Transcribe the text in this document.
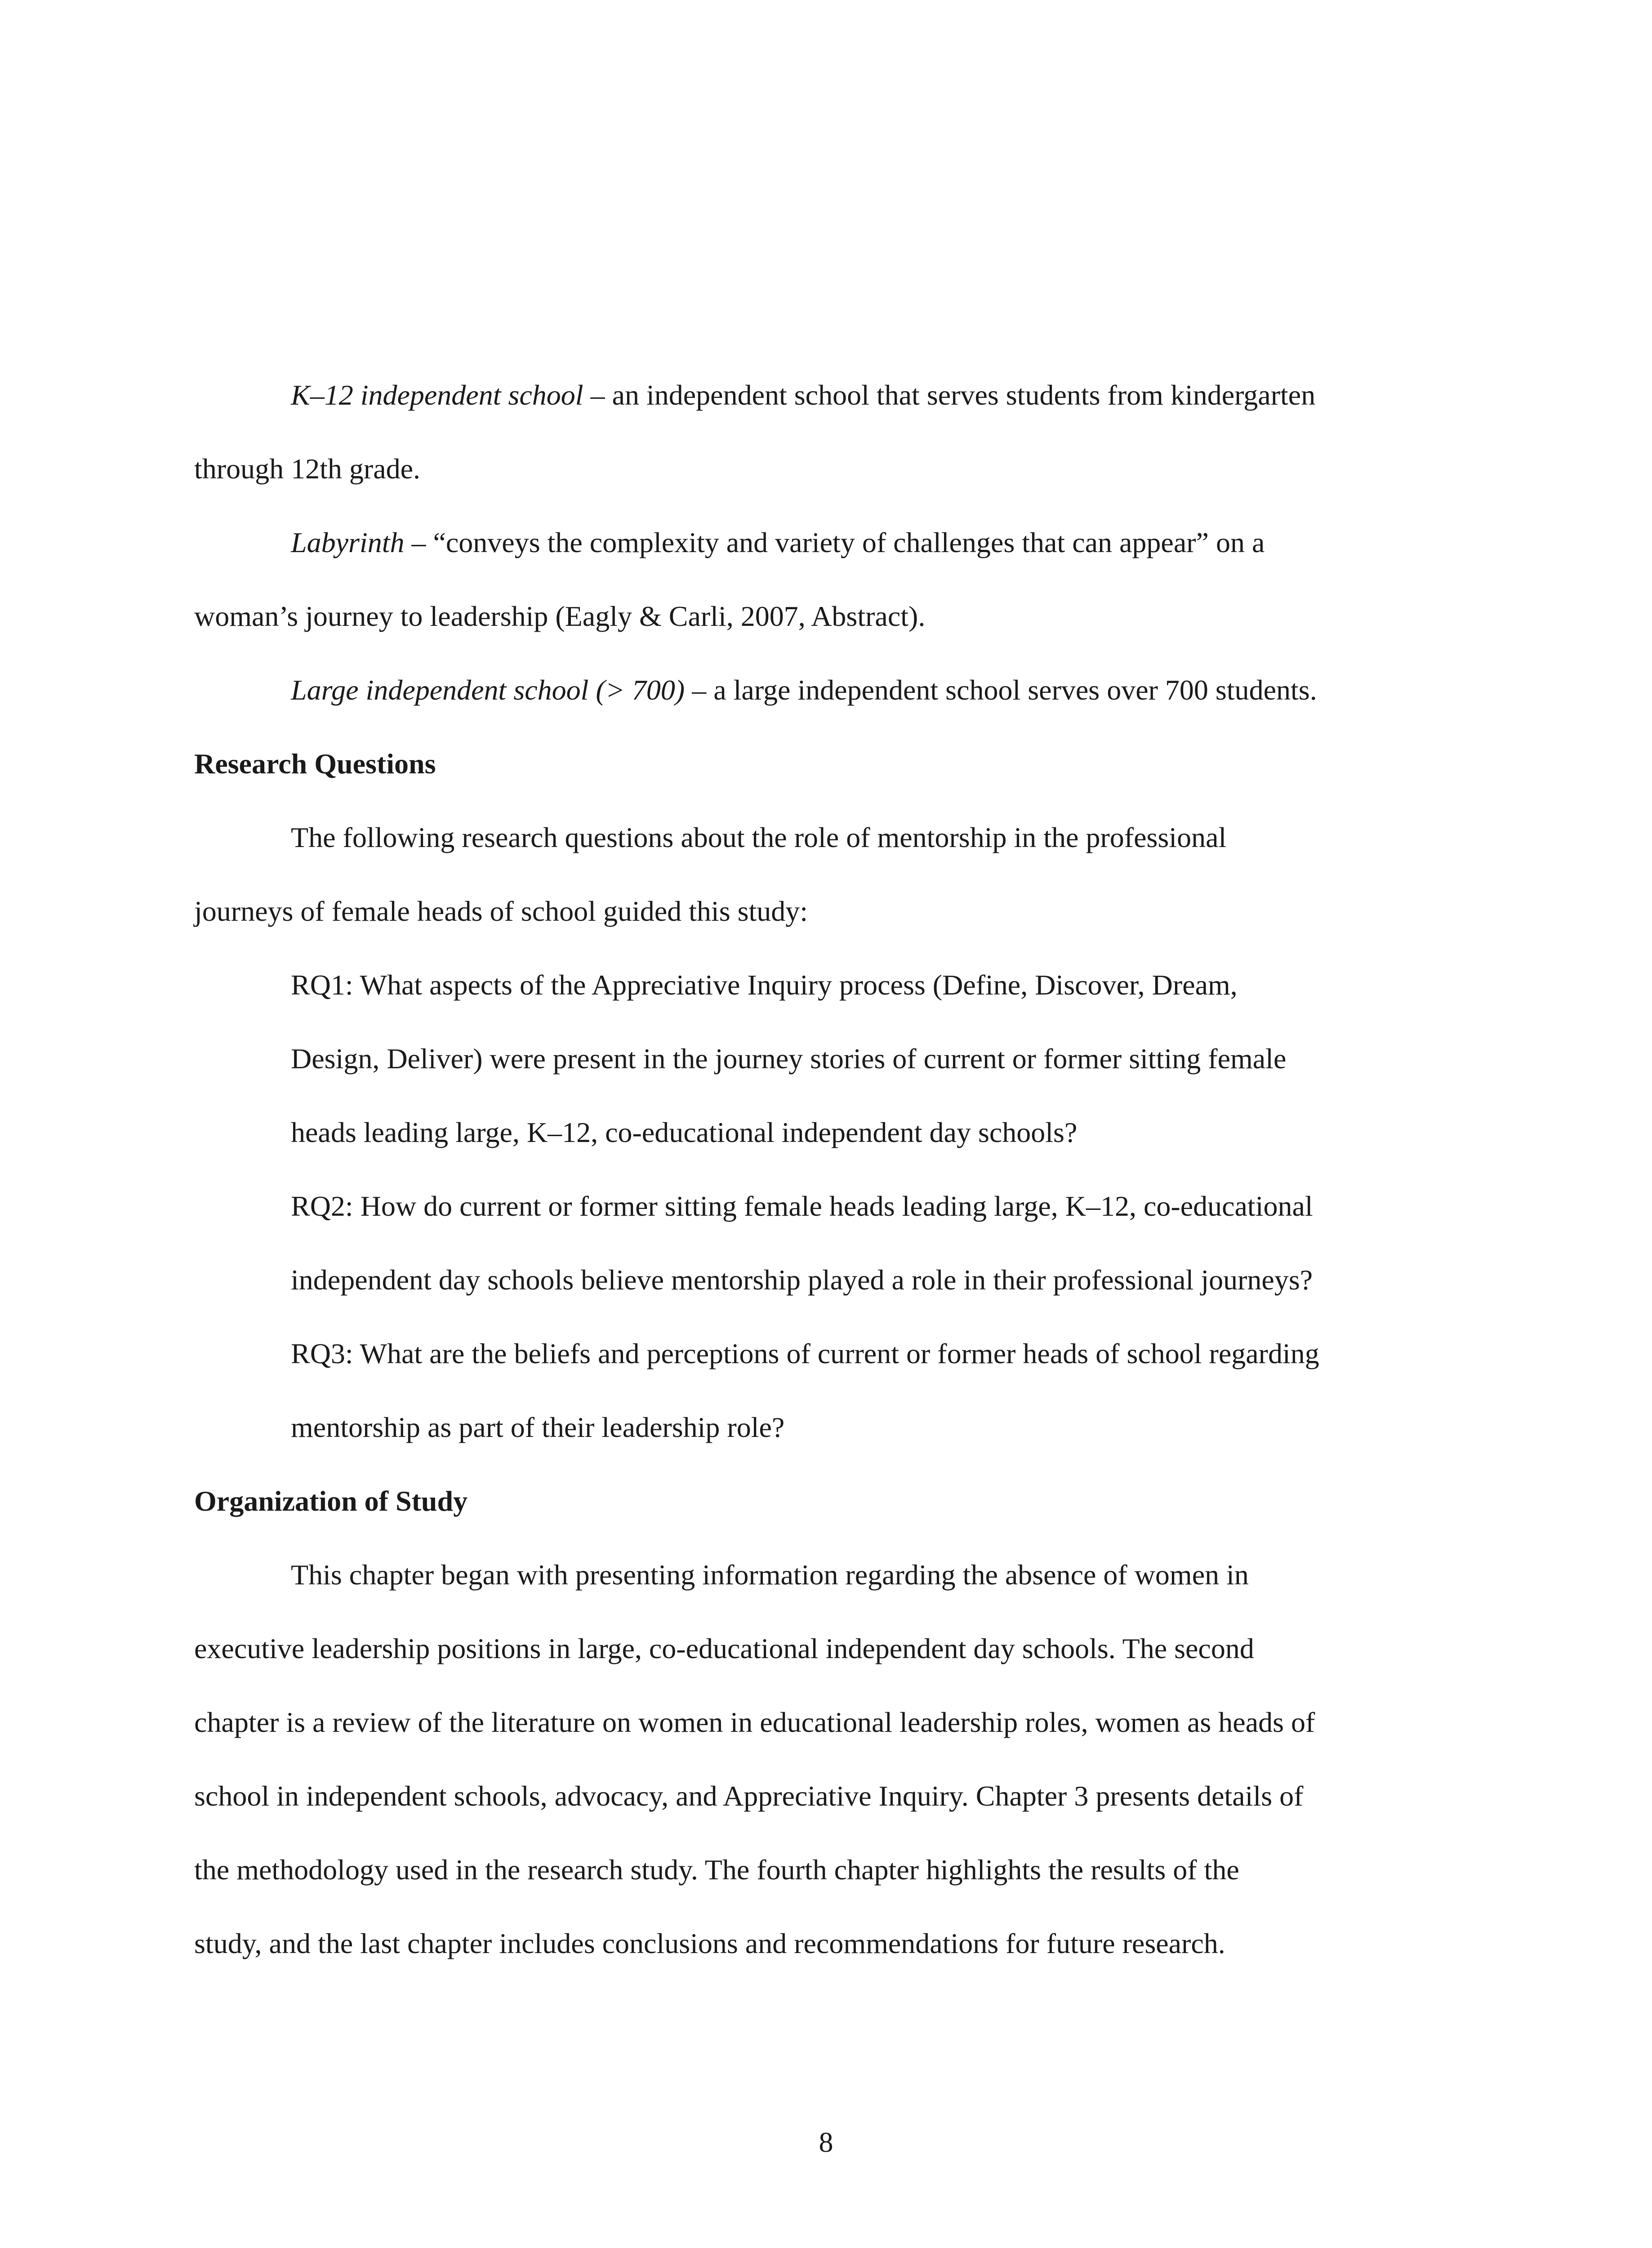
K–12 independent school – an independent school that serves students from kindergarten

through 12th grade.

Labyrinth – “conveys the complexity and variety of challenges that can appear” on a

woman’s journey to leadership (Eagly & Carli, 2007, Abstract).

Large independent school (> 700) – a large independent school serves over 700 students.

Research Questions

The following research questions about the role of mentorship in the professional

journeys of female heads of school guided this study:

RQ1: What aspects of the Appreciative Inquiry process (Define, Discover, Dream,

Design, Deliver) were present in the journey stories of current or former sitting female

heads leading large, K–12, co-educational independent day schools?

RQ2: How do current or former sitting female heads leading large, K–12, co-educational

independent day schools believe mentorship played a role in their professional journeys?

RQ3: What are the beliefs and perceptions of current or former heads of school regarding

mentorship as part of their leadership role?

Organization of Study

This chapter began with presenting information regarding the absence of women in

executive leadership positions in large, co-educational independent day schools. The second

chapter is a review of the literature on women in educational leadership roles, women as heads of

school in independent schools, advocacy, and Appreciative Inquiry. Chapter 3 presents details of

the methodology used in the research study. The fourth chapter highlights the results of the

study, and the last chapter includes conclusions and recommendations for future research.

8
